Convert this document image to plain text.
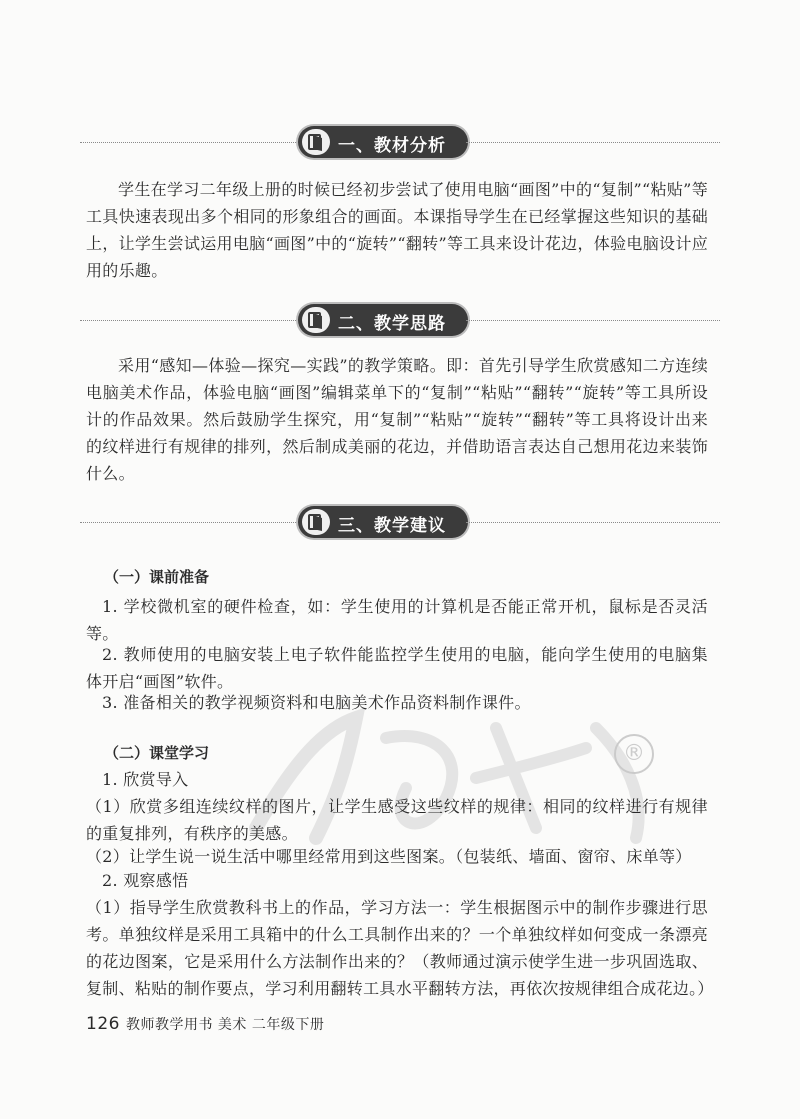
一、教材分析

学生在学习二年级上册的时候已经初步尝试了使用电脑“画图”中的“复制”“粘贴”等工具快速表现出多个相同的形象组合的画面。本课指导学生在已经掌握这些知识的基础上，让学生尝试运用电脑“画图”中的“旋转”“翻转”等工具来设计花边，体验电脑设计应用的乐趣。

二、教学思路

采用“感知—体验—探究—实践”的教学策略。即：首先引导学生欣赏感知二方连续电脑美术作品，体验电脑“画图”编辑菜单下的“复制”“粘贴”“翻转”“旋转”等工具所设计的作品效果。然后鼓励学生探究，用“复制”“粘贴”“旋转”“翻转”等工具将设计出来的纹样进行有规律的排列，然后制成美丽的花边，并借助语言表达自己想用花边来装饰什么。

三、教学建议
®

（一）课前准备

1. 学校微机室的硬件检查，如：学生使用的计算机是否能正常开机，鼠标是否灵活等。

2. 教师使用的电脑安装上电子软件能监控学生使用的电脑，能向学生使用的电脑集体开启“画图”软件。

3. 准备相关的教学视频资料和电脑美术作品资料制作课件。

（二）课堂学习

1. 欣赏导入

（1）欣赏多组连续纹样的图片，让学生感受这些纹样的规律：相同的纹样进行有规律的重复排列，有秩序的美感。

（2）让学生说一说生活中哪里经常用到这些图案。（包装纸、墙面、窗帘、床单等）

2. 观察感悟

（1）指导学生欣赏教科书上的作品，学习方法一：学生根据图示中的制作步骤进行思考。单独纹样是采用工具箱中的什么工具制作出来的？一个单独纹样如何变成一条漂亮的花边图案，它是采用什么方法制作出来的？（教师通过演示使学生进一步巩固选取、复制、粘贴的制作要点，学习利用翻转工具水平翻转方法，再依次按规律组合成花边。）

126 教师教学用书 美术 二年级下册
